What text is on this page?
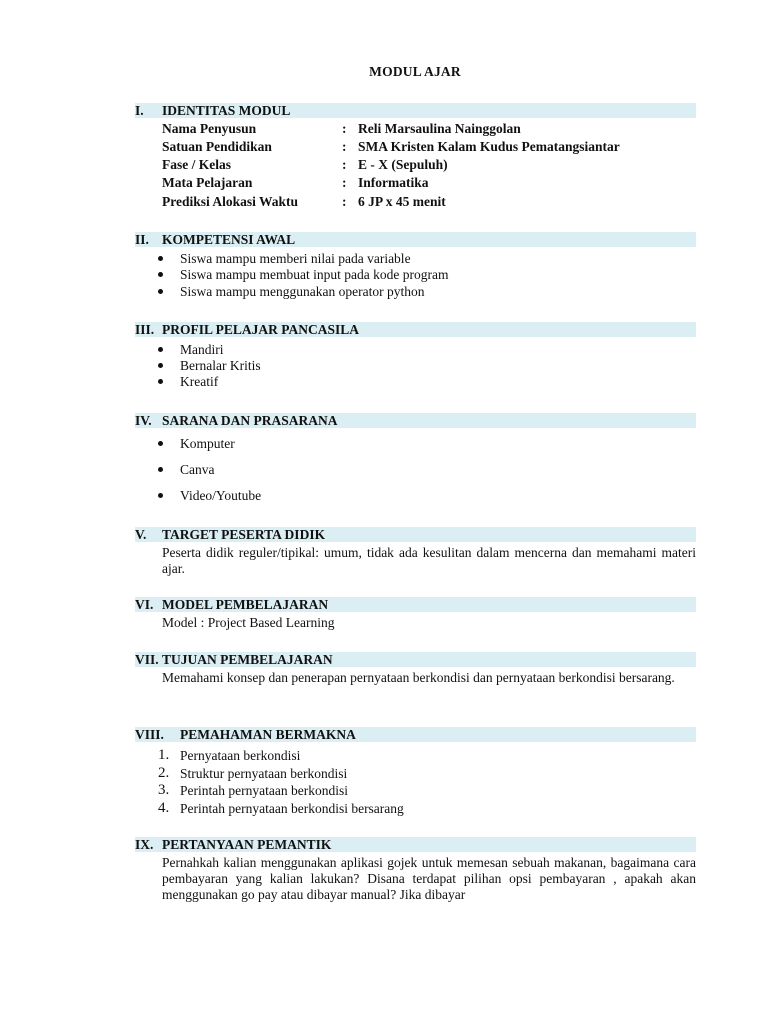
MODUL AJAR
I. IDENTITAS MODUL
Nama Penyusun	: Reli Marsaulina Nainggolan
Satuan Pendidikan	: SMA Kristen Kalam Kudus Pematangsiantar
Fase / Kelas	: E - X (Sepuluh)
Mata Pelajaran	: Informatika
Prediksi Alokasi Waktu	: 6 JP x 45 menit
II. KOMPETENSI AWAL
Siswa mampu memberi nilai pada variable
Siswa mampu membuat input pada kode program
Siswa mampu menggunakan operator python
III. PROFIL PELAJAR PANCASILA
Mandiri
Bernalar Kritis
Kreatif
IV. SARANA DAN PRASARANA
Komputer
Canva
Video/Youtube
V. TARGET PESERTA DIDIK
Peserta didik reguler/tipikal: umum, tidak ada kesulitan dalam mencerna dan memahami materi ajar.
VI. MODEL PEMBELAJARAN
Model : Project Based Learning
VII. TUJUAN PEMBELAJARAN
Memahami konsep dan penerapan pernyataan berkondisi dan pernyataan berkondisi bersarang.
VIII. PEMAHAMAN BERMAKNA
1. Pernyataan berkondisi
2. Struktur pernyataan berkondisi
3. Perintah pernyataan berkondisi
4. Perintah pernyataan berkondisi bersarang
IX. PERTANYAAN PEMANTIK
Pernahkah kalian menggunakan aplikasi gojek untuk memesan sebuah makanan, bagaimana cara pembayaran yang kalian lakukan? Disana terdapat pilihan opsi pembayaran , apakah akan menggunakan go pay atau dibayar manual? Jika dibayar
